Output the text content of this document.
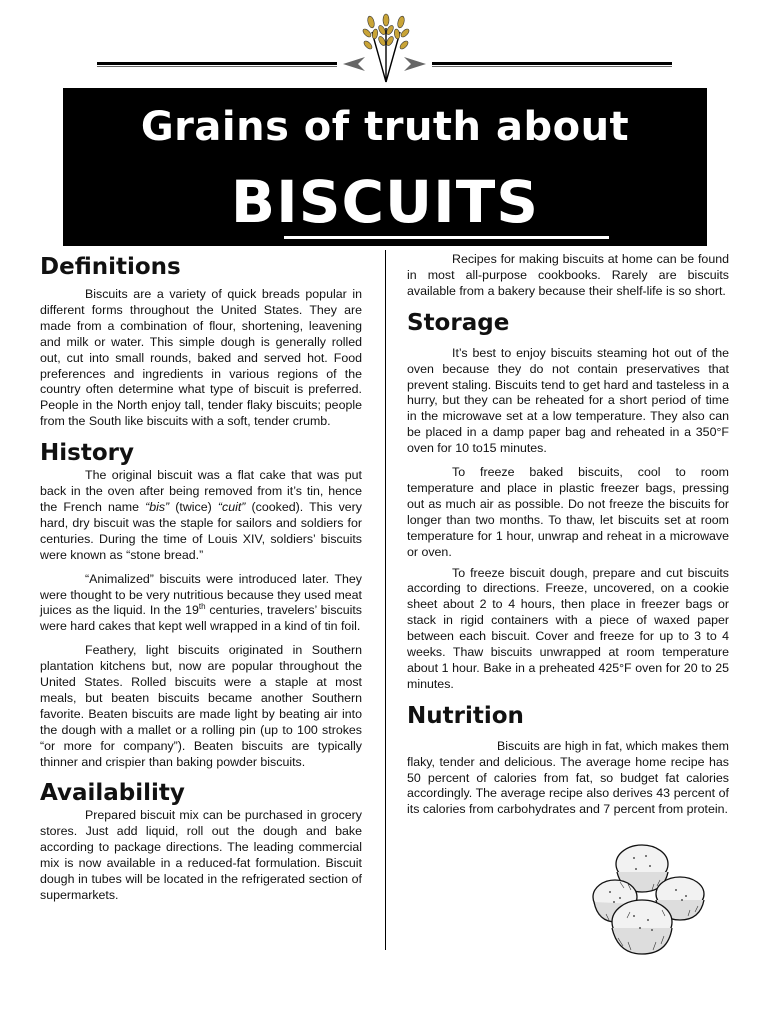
Grains of truth about
BISCUITS
Definitions

Biscuits are a variety of quick breads popular in different forms throughout the United States. They are made from a combination of flour, shortening, leavening and milk or water. This simple dough is generally rolled out, cut into small rounds, baked and served hot. Food preferences and ingredients in various regions of the country often determine what type of biscuit is preferred. People in the North enjoy tall, tender flaky biscuits; people from the South like biscuits with a soft, tender crumb.

History

The original biscuit was a flat cake that was put back in the oven after being removed from it’s tin, hence the French name “bis” (twice) “cuit” (cooked). This very hard, dry biscuit was the staple for sailors and soldiers for centuries. During the time of Louis XIV, soldiers’ biscuits were known as “stone bread.”

“Animalized” biscuits were introduced later. They were thought to be very nutritious because they used meat juices as the liquid. In the 19th centuries, travelers’ biscuits were hard cakes that kept well wrapped in a kind of tin foil.

Feathery, light biscuits originated in Southern plantation kitchens but, now are popular throughout the United States. Rolled biscuits were a staple at most meals, but beaten biscuits became another Southern favorite. Beaten biscuits are made light by beating air into the dough with a mallet or a rolling pin (up to 100 strokes “or more for company”). Beaten biscuits are typically thinner and crispier than baking powder biscuits.

Availability

Prepared biscuit mix can be purchased in grocery stores. Just add liquid, roll out the dough and bake according to package directions. The leading commercial mix is now available in a reduced-fat formulation. Biscuit dough in tubes will be located in the refrigerated section of supermarkets.

Recipes for making biscuits at home can be found in most all-purpose cookbooks. Rarely are biscuits available from a bakery because their shelf-life is so short.

Storage

It’s best to enjoy biscuits steaming hot out of the oven because they do not contain preservatives that prevent staling. Biscuits tend to get hard and tasteless in a hurry, but they can be reheated for a short period of time in the microwave set at a low temperature. They also can be placed in a damp paper bag and reheated in a 350°F oven for 10 to15 minutes.

To freeze baked biscuits, cool to room temperature and place in plastic freezer bags, pressing out as much air as possible. Do not freeze the biscuits for longer than two months. To thaw, let biscuits set at room temperature for 1 hour, unwrap and reheat in a microwave or oven.

To freeze biscuit dough, prepare and cut biscuits according to directions. Freeze, uncovered, on a cookie sheet about 2 to 4 hours, then place in freezer bags or stack in rigid containers with a piece of waxed paper between each biscuit. Cover and freeze for up to 3 to 4 weeks. Thaw biscuits unwrapped at room temperature about 1 hour. Bake in a preheated 425°F oven for 20 to 25 minutes.

Nutrition

Biscuits are high in fat, which makes them flaky, tender and delicious. The average home recipe has 50 percent of calories from fat, so budget fat calories accordingly. The average recipe also derives 43 percent of its calories from carbohydrates and 7 percent from protein.
